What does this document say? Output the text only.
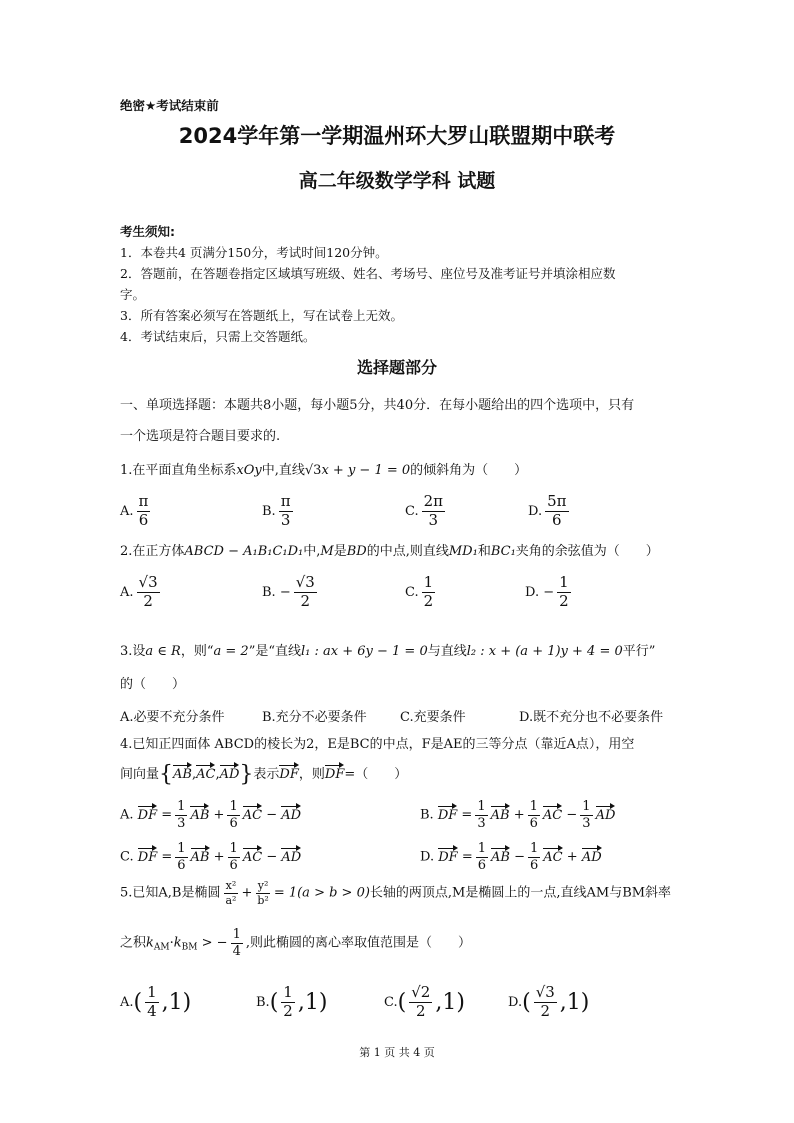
绝密★考试结束前
2024学年第一学期温州环大罗山联盟期中联考
高二年级数学学科 试题
考生须知:
1．本卷共4 页满分150分，考试时间120分钟。
2．答题前，在答题卷指定区域填写班级、姓名、考场号、座位号及准考证号并填涂相应数
字。
3．所有答案必须写在答题纸上，写在试卷上无效。
4．考试结束后，只需上交答题纸。
选择题部分
一、单项选择题：本题共8小题，每小题5分，共40分．在每小题给出的四个选项中，只有
一个选项是符合题目要求的.
1.在平面直角坐标系xOy中,直线√3x + y − 1 = 0的倾斜角为（　　）
A. $\frac{\pi}{6}$	B. $\frac{\pi}{3}$	C. $\frac{2\pi}{3}$	D. $\frac{5\pi}{6}$
2.在正方体ABCD − A₁B₁C₁D₁中,M是BD的中点,则直线MD₁和BC₁夹角的余弦值为（　　）
A. $\frac{√3}{2}$	B. − $\frac{√3}{2}$	C. $\frac{1}{2}$	D. − $\frac{1}{2}$
3.设a ∈ R，则“a = 2”是“直线l₁ : ax + 6y − 1 = 0与直线l₂ : x + (a + 1)y + 4 = 0平行”
的（　　）
A.必要不充分条件	B.充分不必要条件	C.充要条件	D.既不充分也不必要条件
4.已知正四面体 ABCD的棱长为2，E是BC的中点，F是AE的三等分点（靠近A点），用空
间向量{AB,AC,AD}表示DF，则DF=（　　）
A. DF = $\frac{1}{3}$ AB + $\frac{1}{6}$ AC − AD	B. DF = $\frac{1}{3}$ AB + $\frac{1}{6}$ AC − $\frac{1}{3}$ AD
C. DF = $\frac{1}{6}$ AB + $\frac{1}{6}$ AC − AD	D. DF = $\frac{1}{6}$ AB − $\frac{1}{6}$ AC + AD
5.已知A,B是椭圆 $\frac{\text{x²}}{\text{a²}} + \frac{\text{y²}}{\text{b²}} = 1(a > b > 0)$长轴的两顶点,M是椭圆上的一点,直线AM与BM斜率
之积$k_{AM}\cdot k_{BM}$ > − $\frac{1}{4}$ ,则此椭圆的离心率取值范围是（　　）
$A.( \frac{1}{4} ,1)$	$B.( \frac{1}{2} ,1)$	$C.( \frac{√2}{2} ,1)$	$D.( \frac{√3}{2} ,1)$
第 1 页 共 4 页
